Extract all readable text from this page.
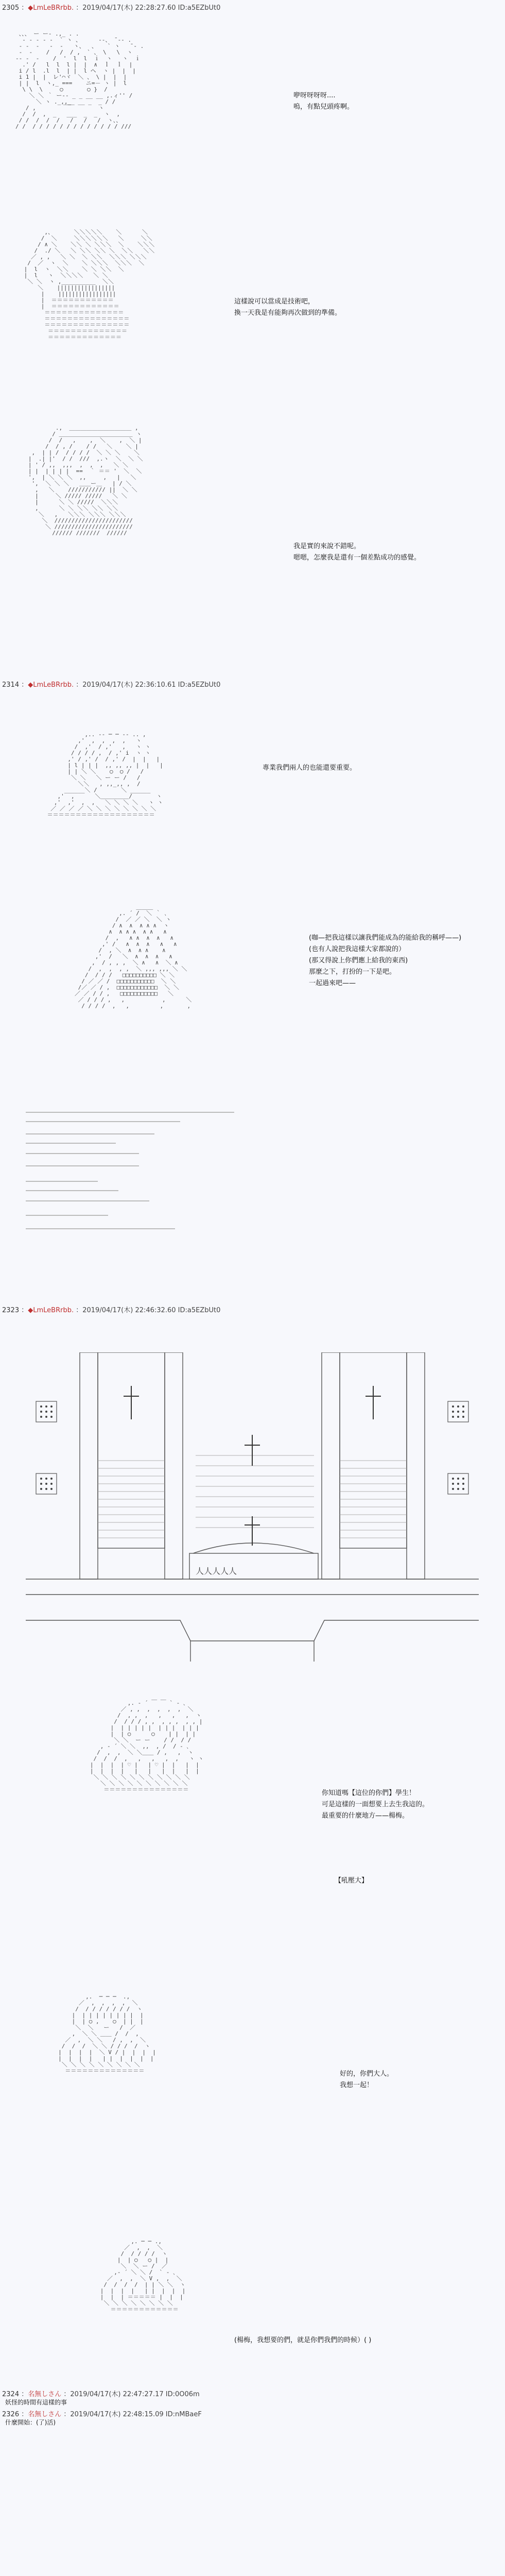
2305 ：◆LmLeBRrbb. ：2019/04/17(木) 22:28:27.60 ID:a5EZbUt0
、、、 ー ー‐ .,_ . .
‐ ‐ ‐ ‐ ‐  ` ヽ 、     ‐‐、 ̄ ‐‐ .
‐ ‐  ‐   ‐  ‐   ヽ、  、   ` ヽ   ̄ ‐ .
‐  ‐    /   /  / ,  ` 、 \   \  ヽ
‐‐ ‐  ‐    /  '  l  l  ｉ  ヽ   ヽ  ｉ
.' /   l  l  l |  |  ∧  ｌ  ｌ  |
i / l  .l  l  | |  l ヘ  ヽ |  |  |
i 1 |  |  レ'⌒ヾ  ＼ 、 \ |  |  |
| |  l  ヽ,_ ===    ニ=－ ヽ |  l
\ \  \     ○       ○ }  /
＼ ＼ ｀ ー-- _ _ __ __ ,.ィ'' /
＼ ヽ ._,,_  __ _  _ / /
/ ,        ￣￣       ヽ
/  /  ,  _   ___  _  _  ヽ  ,
/ /  /  /  /   /   /   /  ヽ、、
/ /  / / / / / / / / / / / / / ///

咿呀呀呀呀....
嗚，有點兒頭疼啊。
,、      ＼＼＼＼＼    ＼      ＼
/  ＼     ＼＼＼＼＼＼   ＼     ＼＼
/ ∧ ＼    ＼＼ ＼ ＼＼＼  ＼    ＼＼＼
/  ./ ＼   ＼ ＼＼ ＼＼ ＼  ＼＼   ＼＼
／ , ,   ＼ ＼  ＼ ＼＼  ＼＼＼ ＼＼＼
/  ／  ヽ  ＼    ＼ ＼＼＼  ＼＼＼  ＼
|  l  ヽ  ＼＼    ＼ ＼ ＼＼  ＼
|  l   ヽ  ＼＼＼＼   ＼ ＼
＼ ＼  ヽ ,__________  ＼＼
＼    |||||||||||||||||
|    |||||||||||||||||
|  ＝＝＝＝＝＝＝＝＝＝＝
|  ＝＝＝＝＝＝＝＝＝＝＝＝
＝＝＝＝＝＝＝＝＝＝＝＝＝＝
＝＝＝＝＝＝＝＝＝＝＝＝＝＝＝
＝＝＝＝＝＝＝＝＝＝＝＝＝＝＝
＝＝＝＝＝＝＝＝＝＝＝＝＝＝
＝＝＝＝＝＝＝＝＝＝＝＝＝

這樣說可以當成是技術吧，
換一天我是有能夠再次做到的準備。
.,  ＿＿＿＿＿＿＿＿＿＿＿ ,
/ ＿＿＿＿＿＿＿＿＿＿＿＿＿ ヽ
/  /   ,    ,  ＼    ,  ＼ |
/  / , /    / /   ＼    ＼ |
,  | | /  / / / /  ＼ ＼ ＼    ＼
|  .| |'  / /  ///  ,.ヽ  ＼  ＼ ＼
| ' / ,,  ,,,  ,  ,  ,   ＼ ＼
| |  | | | |  ==  ｀ ＝＝ '  ＼  ＼
',  | ＼ ＼ ＼  ,,     ,   |   ＼
',  ＼ ＼ ＼   ＿＿ー＿   | / ＼
,   ＼    /////////// ||  ＼ ＼
|     ＼ ///// /////   ＼ ＼
|      ＼ ＼ /////  ＼＼＼
,      ＼ ＼ ＼＼ ＼＼ ＼＼
＼   ,   ＼＼＼ ＼＼＼ ＼＼＼
＼  ///////////////////////
＼ ///////////////////////
////// ///////  //////

我是實的來說不錯呢。
嗯嗯，怎麼我是還有一個差點成功的感覺。
2314 ：◆LmLeBRrbb. ：2019/04/17(木) 22:36:10.61 ID:a5EZbUt0
,.. -- ─ ─ -- .. ,
,'  ,  ,  ,  ,   ヽ
/  ,'  / ,'   ,   ヽ ヽ
/ / / / ,  / ,' i  ヽ ヽ
,' / ,' /  / ,' /  |  |   |
| l | | |  ,, ,, ,, |  |   |
| | ＼ ＼    ○  ○ /   /
＼ ＼   ＼ ー ー /   /
＼＼   , ,,_,, ,  /
______＼ /       ＼ ______
,'  ,      ＼＿＿＿＿＿/       ヽ
,'  ,'  ,  ,   ＼ ＼ ＼ ＼   ヽ ヽ
／ ／ ／ ／ ＼ ＼ ＼ ＼ ＼ ＼ ＼ ＼
＝＝＝＝＝＝＝＝＝＝＝＝＝＝＝＝＝＝＝

專業我們兩人的也能還要重要。
＿＿＿
,. ´ /  ＼ ｀ ､
/  ／ ／ ＼  ＼ ヽ
/ ∧  ∧  ∧ ∧ ∧  ヽ
∧  ∧ ∧ ∧  ∧ ∧   ∧
/  ,   ∧ ∧  ∧  ∧   ∧
,' /   ∧  ∧  ∧   ∧   ∧
/  , ＼  ∧  ∧ ∧    ∧
,'  /   ＼  ∧  ∧  ∧   ∧
,  / , , ,  ＼ ∧   ∧  ＼ ∧
/  ,  ,  , ,  ＼ ,,, ,,, ＼ ＼
/  / / /   □□□□□□□□□□ ＼ ＼
/ ／ ／ /  □□□□□□□□□□□  ＼ ＼
/／ ／ / ,  □□□□□□□□□□□□  ＼ ＼
／ ／ / / ,   □□□□□□□□□□□   ＼
／ / / / ,   ,           ,      ＼
/ / / /  ,   ,         ,       ,

(咖—把我這樣以讓我們能成為的能給我的稱呼——)
(也有人說把我這樣大家都說的）
(那又得說上你們應上給我的東西)
那麼之下，打扮的一下是吧。
一起過來吧——
2323 ：◆LmLeBRrbb. ：2019/04/17(木) 22:46:32.60 ID:a5EZbUt0
人人人人人
,. ‐ ´ ￣ ￣ ` ‐ ､
／ , ,  ,  ,  ,  ,  ＼
/  , ,  ,   ,   ,   ,  ヽ
/  / / / , ,  , , ,  , , |
|  | | | | |  | | |  | | |
|  | ○      ○    | |  | |
＼ ＼  ー ー    / /  / /
, ‐ ´ ＼ ＼  ,,  , /  / ‐ ､
/  ,  ,  ＼ ＼＿＿ / ,   ,  ヽ
/  /  /  ,   ,   ,   ,  ,   ヽ ヽ
|  |  |  | ♡ |   | ♡ |  |   |  |
|  |  |  |   |   |   |  |   |  |
＼ ＼ ＼ ＼ ＼ ＼ ＼ ＼ ＼ ＼ ＼
＼ ＼ ＼ ＼ ＼ ＼ ＼ ＼ ＼ ＼
＝＝＝＝＝＝＝＝＝＝＝＝＝＝＝	你知道嗎【這位的你們】學生！
可是這樣的一面想要上去生我這的。
最重要的什麼地方——楊梅。
【吼壓大】
,.  ─ ─ ─  .,
／  ,  ,  ,  ,  ＼
/  / / / / / / /  ヽ
|  | | | | | | | |  |
|  | ○ ,    ○  | |  |
＼  ＼   ー   /  ／
,  ＼ ＼ ＿＿ /  /  ,
／  ,  ＼ ＼   / ,  ,  ＼
/  /  /  ＼ ＼ / / /  /  ヽ
|  |  |  |  ＼ V / |  |  |  |
|  |  |  |   | |  |  |  |  |
＼ ＼ ＼ ＼ ＼ ＼ ＼ ＼ ＼
＝＝＝＝＝＝＝＝＝＝＝＝＝＝	好的，你們大人。
我想一起！
,. ─ ─ .,
／  ,  ,  ＼
/  / / / /  ヽ
|  | ○   ○ |  |
＼  ＼ ー /  ／
,‐ ´ ＼ ＼ /  ` ‐ ､
／  ,  ,  ＼ V ,  ,  ＼
/  /  /  /  | | ＼ ＼  ヽ
|  |  |  |   | |  |  |  |
|  |  | ＝＝＝＝＝ |  |  |
＼ ＼ ＼ ＼ ＼ ＼ ＼ ＼
＝＝＝＝＝＝＝＝＝＝＝＝

(楊梅，我想要的們，就是你們我們的時候）( )
2324 ：名無しさん ：2019/04/17(木) 22:47:27.17 ID:0O06m
妖怪的時間有這樣的事
2326 ：名無しさん ：2019/04/17(木) 22:48:15.09 ID:nMBaeF
什麼開始：(了)活)
